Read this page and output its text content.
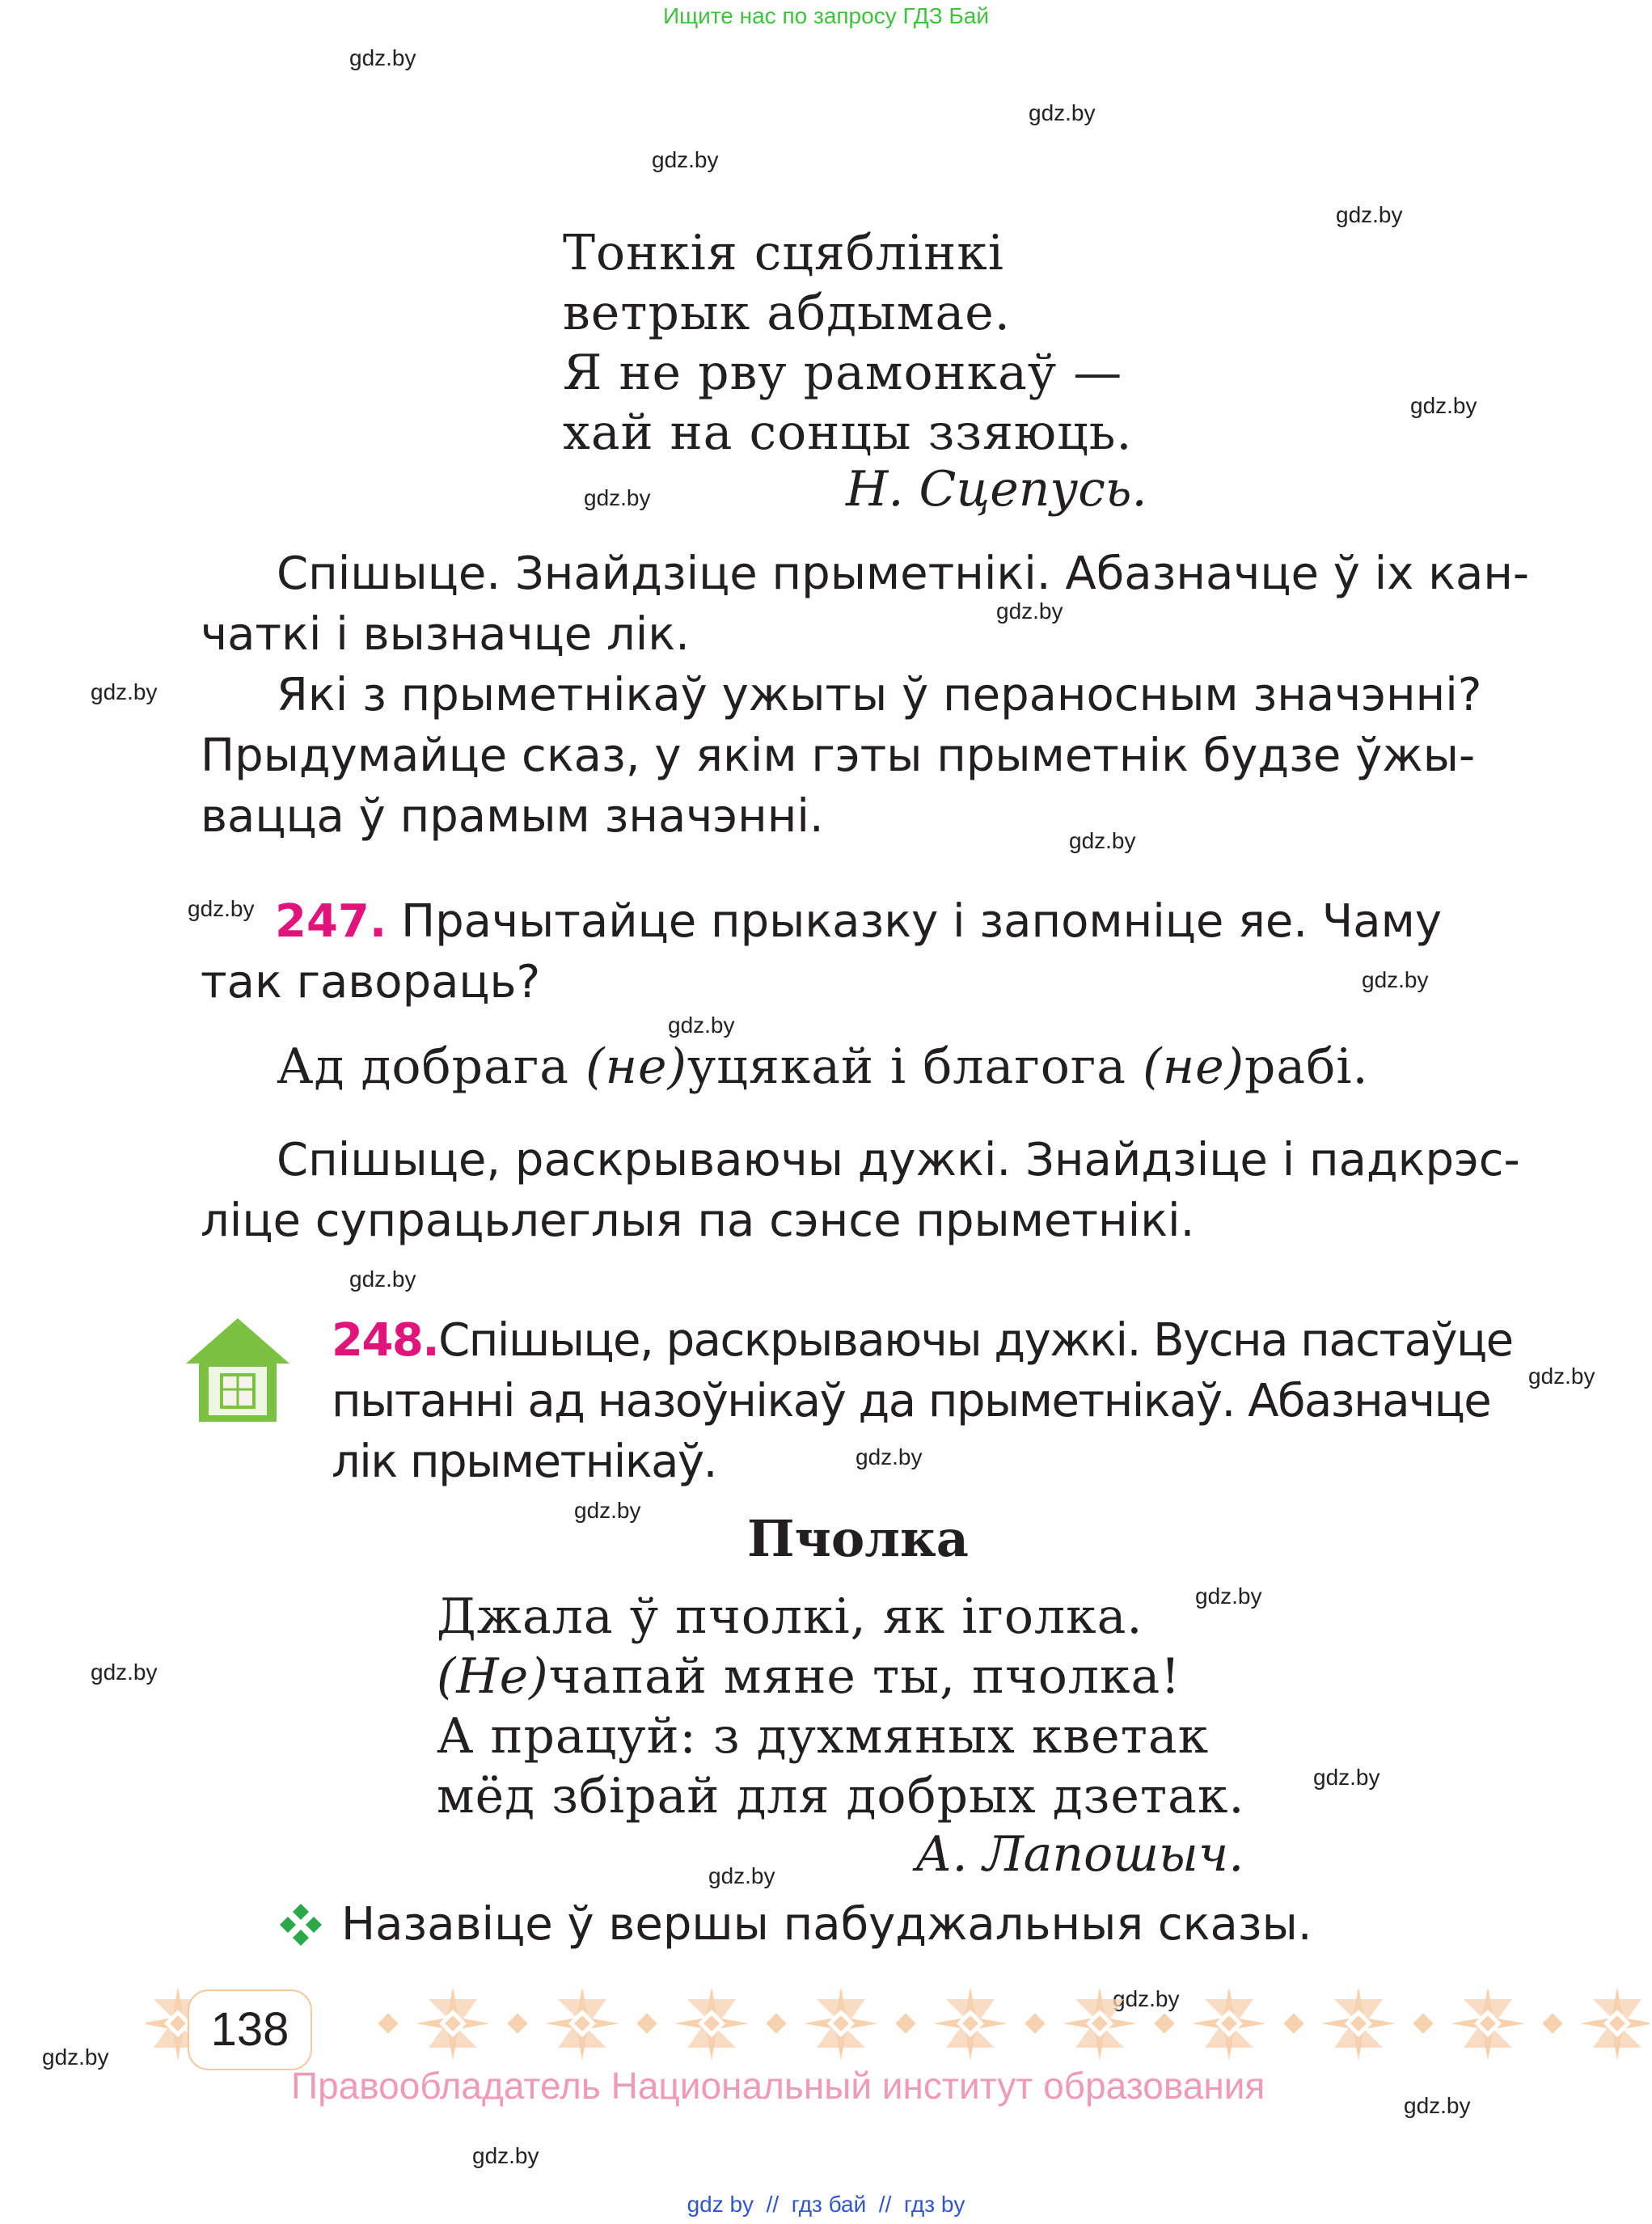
Ищите нас по запросу ГДЗ Бай
gdz.by
gdz.by
gdz.by
gdz.by
gdz.by
gdz.by
gdz.by
gdz.by
gdz.by
gdz.by
gdz.by
gdz.by
gdz.by
gdz.by
gdz.by
gdz.by
gdz.by
gdz.by
gdz.by
gdz.by
gdz.by
gdz.by
gdz.by
gdz.by
Тонкія сцяблінкі
ветрык абдымае.
Я не рву рамонкаў —
хай на сонцы ззяюць.
Н. Сцепусь.
Спішыце. Знайдзіце прыметнікі. Абазначце ў іх кан-
чаткі і вызначце лік.
Які з прыметнікаў ужыты ў пераносным значэнні?
Прыдумайце сказ, у якім гэты прыметнік будзе ўжы-
вацца ў прамым значэнні.
247. Прачытайце прыказку і запомніце яе. Чаму
так гавораць?
Ад добрага (не)уцякай і благога (не)рабі.
Спішыце, раскрываючы дужкі. Знайдзіце і падкрэс-
ліце супрацьлеглыя па сэнсе прыметнікі.
248.Спішыце, раскрываючы дужкі. Вусна пастаўце
пытанні ад назоўнікаў да прыметнікаў. Абазначце
лік прыметнікаў.
Пчолка
Джала ў пчолкі, як іголка.
(Не)чапай мяне ты, пчолка!
А працуй: з духмяных кветак
мёд збірай для добрых дзетак.
А. Лапошыч.
Назавіце ў вершы пабуджальныя сказы.
138
Правообладатель Национальный институт образования
gdz by  //  гдз бай  //  гдз by
